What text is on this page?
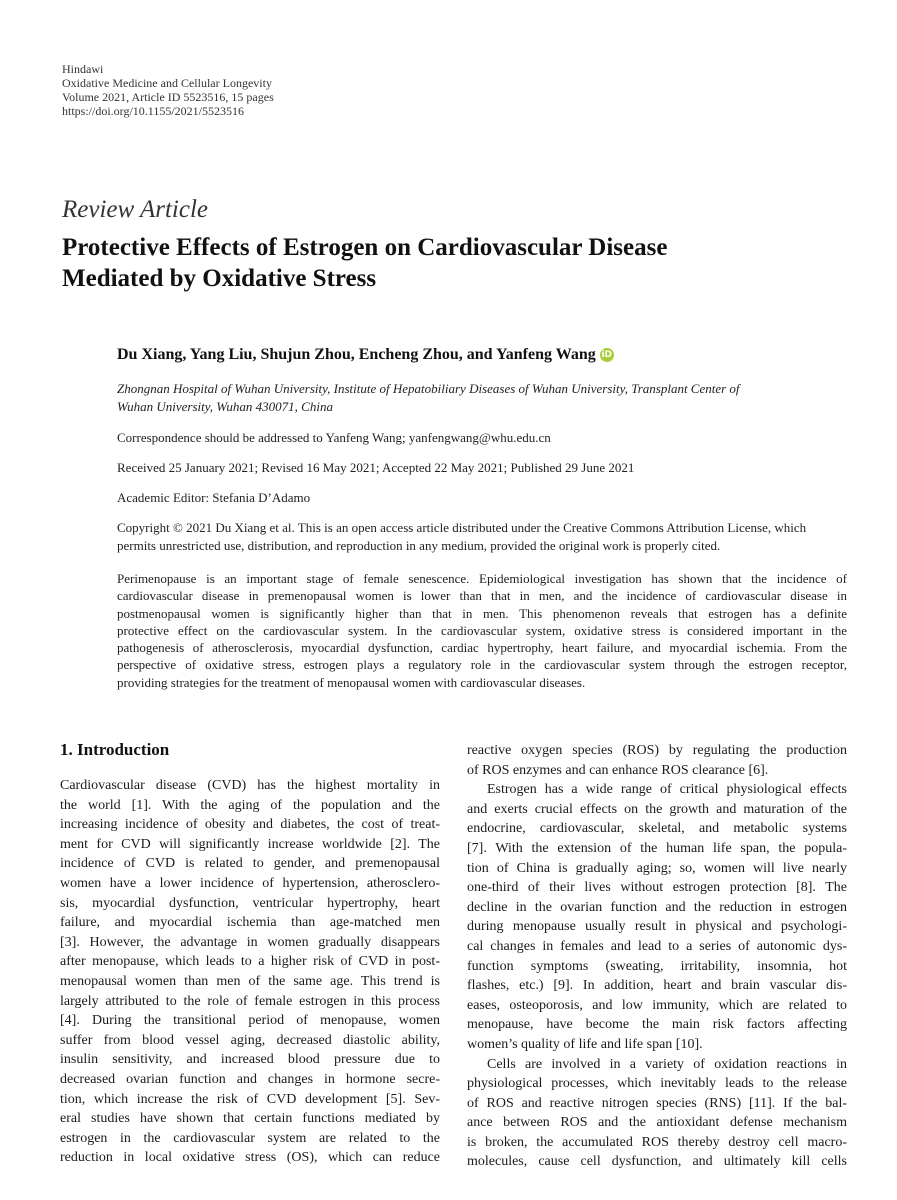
Hindawi
Oxidative Medicine and Cellular Longevity
Volume 2021, Article ID 5523516, 15 pages
https://doi.org/10.1155/2021/5523516
Review Article
Protective Effects of Estrogen on Cardiovascular Disease
Mediated by Oxidative Stress
Du Xiang, Yang Liu, Shujun Zhou, Encheng Zhou, and Yanfeng Wang iD
Zhongnan Hospital of Wuhan University, Institute of Hepatobiliary Diseases of Wuhan University, Transplant Center of
Wuhan University, Wuhan 430071, China
Correspondence should be addressed to Yanfeng Wang; yanfengwang@whu.edu.cn
Received 25 January 2021; Revised 16 May 2021; Accepted 22 May 2021; Published 29 June 2021
Academic Editor: Stefania D’Adamo
Copyright © 2021 Du Xiang et al. This is an open access article distributed under the Creative Commons Attribution License, which
permits unrestricted use, distribution, and reproduction in any medium, provided the original work is properly cited.
Perimenopause is an important stage of female senescence. Epidemiological investigation has shown that the incidence of
cardiovascular disease in premenopausal women is lower than that in men, and the incidence of cardiovascular disease in
postmenopausal women is significantly higher than that in men. This phenomenon reveals that estrogen has a definite
protective effect on the cardiovascular system. In the cardiovascular system, oxidative stress is considered important in the
pathogenesis of atherosclerosis, myocardial dysfunction, cardiac hypertrophy, heart failure, and myocardial ischemia. From the
perspective of oxidative stress, estrogen plays a regulatory role in the cardiovascular system through the estrogen receptor,
providing strategies for the treatment of menopausal women with cardiovascular diseases.
1. Introduction
Cardiovascular disease (CVD) has the highest mortality in
the world [1]. With the aging of the population and the
increasing incidence of obesity and diabetes, the cost of treat-
ment for CVD will significantly increase worldwide [2]. The
incidence of CVD is related to gender, and premenopausal
women have a lower incidence of hypertension, atherosclero-
sis, myocardial dysfunction, ventricular hypertrophy, heart
failure, and myocardial ischemia than age-matched men
[3]. However, the advantage in women gradually disappears
after menopause, which leads to a higher risk of CVD in post-
menopausal women than men of the same age. This trend is
largely attributed to the role of female estrogen in this process
[4]. During the transitional period of menopause, women
suffer from blood vessel aging, decreased diastolic ability,
insulin sensitivity, and increased blood pressure due to
decreased ovarian function and changes in hormone secre-
tion, which increase the risk of CVD development [5]. Sev-
eral studies have shown that certain functions mediated by
estrogen in the cardiovascular system are related to the
reduction in local oxidative stress (OS), which can reduce
reactive oxygen species (ROS) by regulating the production
of ROS enzymes and can enhance ROS clearance [6].
Estrogen has a wide range of critical physiological effects
and exerts crucial effects on the growth and maturation of the
endocrine, cardiovascular, skeletal, and metabolic systems
[7]. With the extension of the human life span, the popula-
tion of China is gradually aging; so, women will live nearly
one-third of their lives without estrogen protection [8]. The
decline in the ovarian function and the reduction in estrogen
during menopause usually result in physical and psychologi-
cal changes in females and lead to a series of autonomic dys-
function symptoms (sweating, irritability, insomnia, hot
flashes, etc.) [9]. In addition, heart and brain vascular dis-
eases, osteoporosis, and low immunity, which are related to
menopause, have become the main risk factors affecting
women’s quality of life and life span [10].
Cells are involved in a variety of oxidation reactions in
physiological processes, which inevitably leads to the release
of ROS and reactive nitrogen species (RNS) [11]. If the bal-
ance between ROS and the antioxidant defense mechanism
is broken, the accumulated ROS thereby destroy cell macro-
molecules, cause cell dysfunction, and ultimately kill cells
